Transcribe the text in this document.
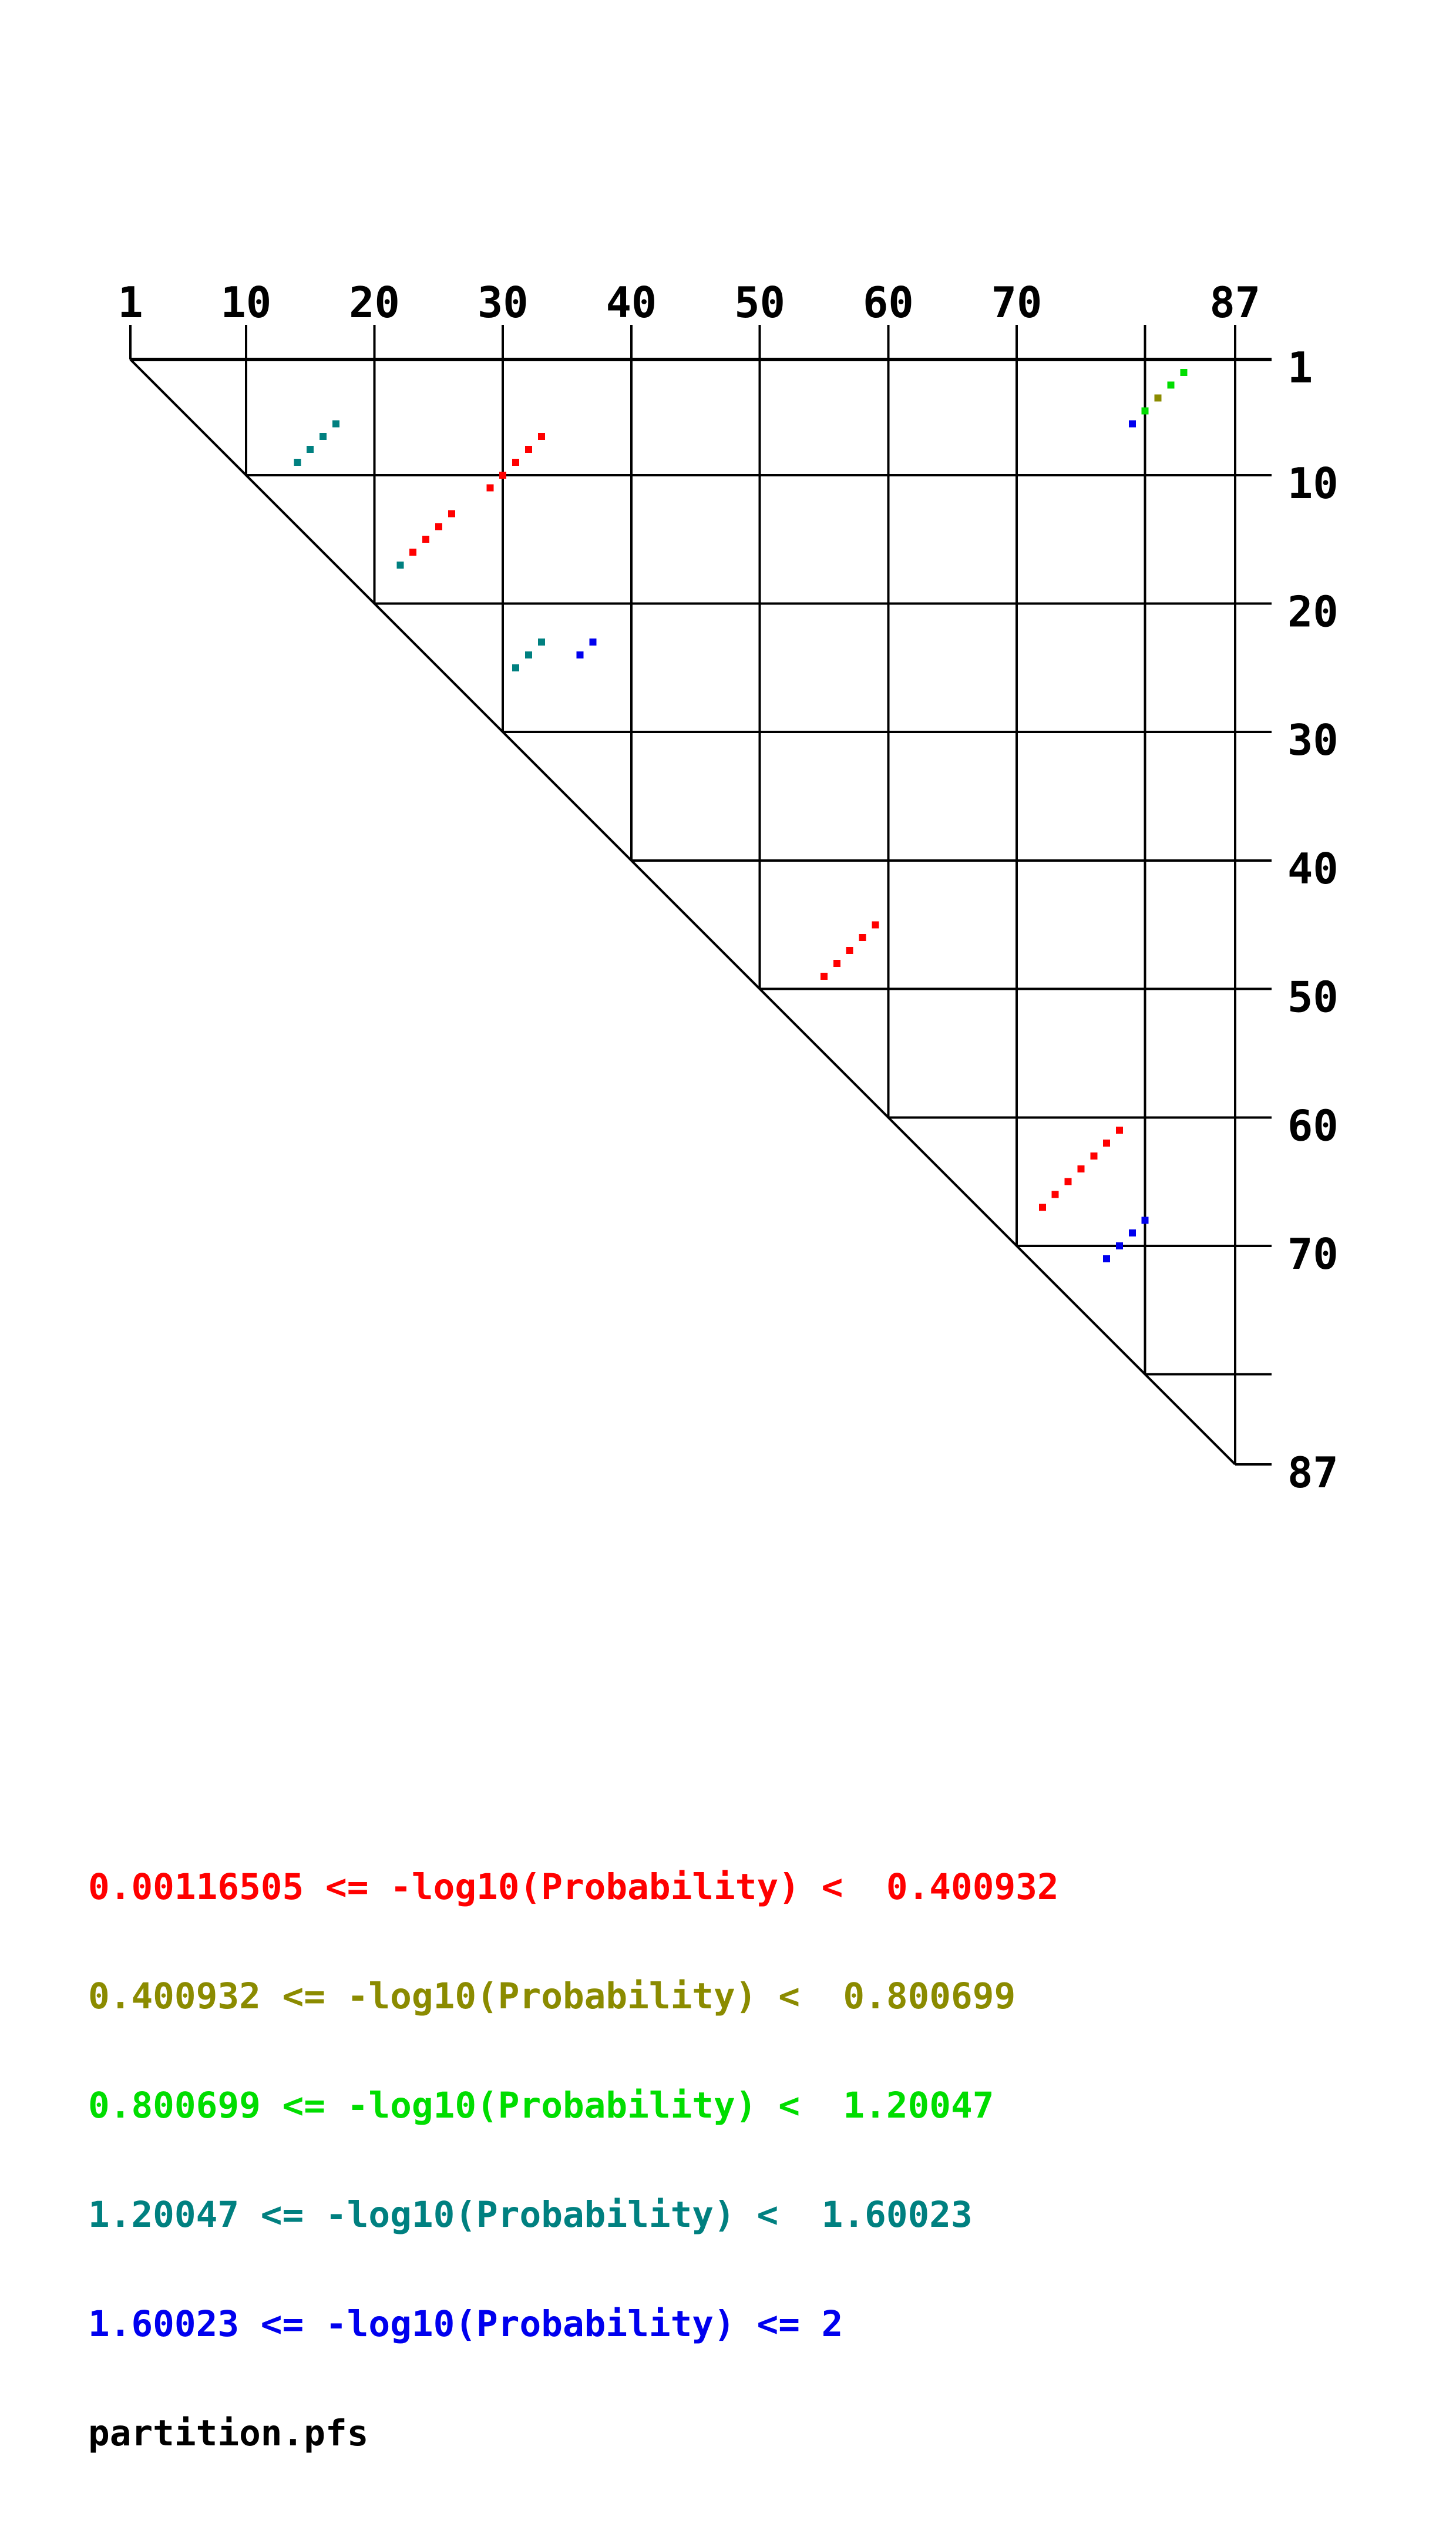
1 10 20 30 40 50 60 70	87
1
10
20
30
40
50
60
70
87

0.00116505 <= -log10(Probability) <  0.400932

0.400932 <= -log10(Probability) <  0.800699

0.800699 <= -log10(Probability) <  1.20047

1.20047 <= -log10(Probability) <  1.60023

1.60023 <= -log10(Probability) <= 2

partition.pfs
